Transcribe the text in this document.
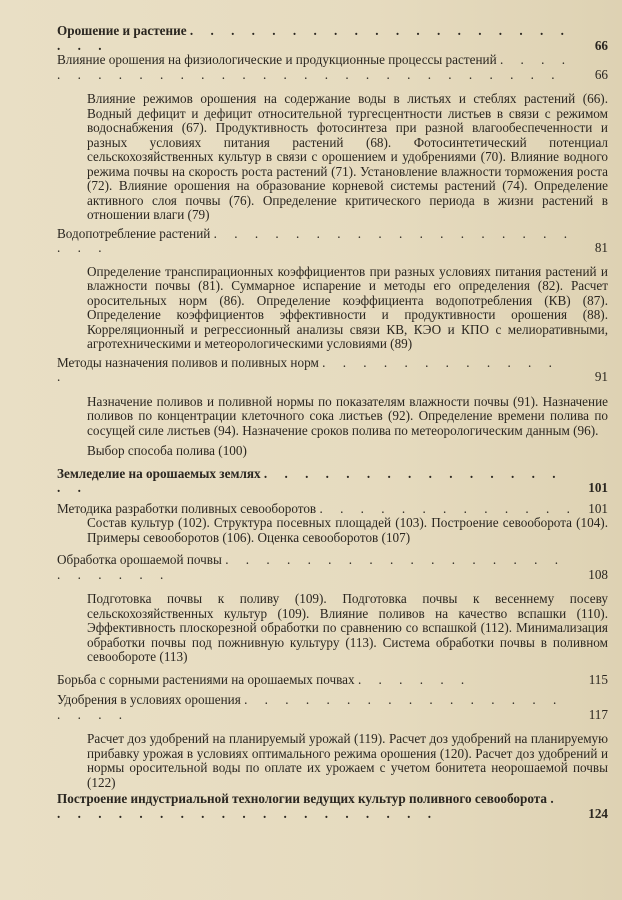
Орошение и растение . . . . . . . . . . . . . . . . . . . . . .	66
Влияние орошения на физиологические и продукционные процессы растений . . . . . . . . . . . . . . . . . . . . . . . . . . . . .	66

Влияние режимов орошения на содержание воды в листьях и стеблях растений (66). Водный дефицит и дефицит относительной тургесцентности листьев в связи с режимом водоснабжения (67). Продуктивность фотосинтеза при разной влагообеспеченности и разных условиях питания растений (68). Фотосинтетический потенциал сельскохозяйственных культур в связи с орошением и удобрениями (70). Влияние водного режима почвы на скорость роста растений (71). Установление влажности торможения роста (72). Влияние орошения на образование корневой системы растений (74). Определение активного слоя почвы (76). Определение критического периода в жизни растений в отношении влаги (79)

Водопотребление растений . . . . . . . . . . . . . . . . . . . . .	81

Определение транспирационных коэффициентов при разных условиях питания растений и влажности почвы (81). Суммарное испарение и методы его определения (82). Расчет оросительных норм (86). Определение коэффициента водопотребления (КВ) (87). Определение коэффициентов эффективности и продуктивности орошения (88). Корреляционный и регрессионный анализы связи КВ, КЭО и КПО с мелиоративными, агротехническими и метеорологическими условиями (89)

Методы назначения поливов и поливных норм . . . . . . . . . . . . .	91

Назначение поливов и поливной нормы по показателям влажности почвы (91). Назначение поливов по концентрации клеточного сока листьев (92). Определение времени полива по сосущей силе листьев (94). Назначение сроков полива по метеорологическим данным (96).

Выбор способа полива (100)

Земледелие на орошаемых землях . . . . . . . . . . . . . . . . .	101
Методика разработки поливных севооборотов . . . . . . . . . . . . . 101

Состав культур (102). Структура посевных площадей (103). Построение севооборота (104). Примеры севооборотов (106). Оценка севооборотов (107)

Обработка орошаемой почвы . . . . . . . . . . . . . . . . . . . . . . .	108

Подготовка почвы к поливу (109). Подготовка почвы к весеннему посеву сельскохозяйственных культур (109). Влияние поливов на качество вспашки (110). Эффективность плоскорезной обработки по сравнению со вспашкой (112). Минимализация обработки почвы под пожнивную культуру (113). Система обработки почвы в поливном севообороте (113)

Борьба с сорными растениями на орошаемых почвах . . . . . .	115
Удобрения в условиях орошения . . . . . . . . . . . . . . . . . . . .	117

Расчет доз удобрений на планируемый урожай (119). Расчет доз удобрений на планируемую прибавку урожая в условиях оптимального режима орошения (120). Расчет доз удобрений и нормы оросительной воды по оплате их урожаем с учетом бонитета неорошаемой почвы (122)

Построение индустриальной технологии ведущих культур поливного севооборота . . . . . . . . . . . . . . . . . . . .	124
